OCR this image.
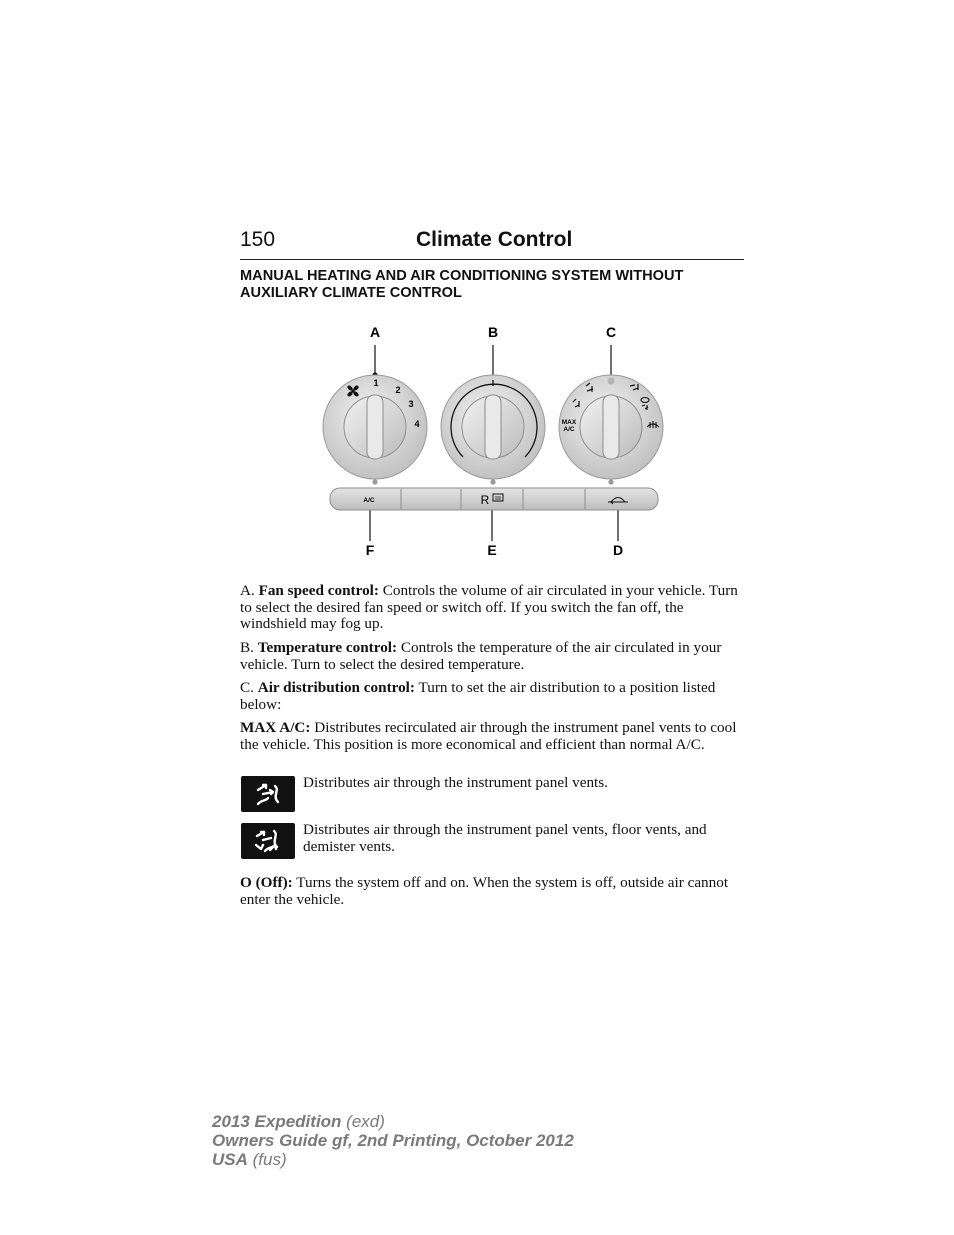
150	Climate Control
MANUAL HEATING AND AIR CONDITIONING SYSTEM WITHOUT AUXILIARY CLIMATE CONTROL
A	B	C
F	E	D
1
2
3
4	MAX
A/C
A/C	R

A. Fan speed control: Controls the volume of air circulated in your vehicle. Turn to select the desired fan speed or switch off. If you switch the fan off, the windshield may fog up.

B. Temperature control: Controls the temperature of the air circulated in your vehicle. Turn to select the desired temperature.

C. Air distribution control: Turn to set the air distribution to a position listed below:

MAX A/C: Distributes recirculated air through the instrument panel vents to cool the vehicle. This position is more economical and efficient than normal A/C.

Distributes air through the instrument panel vents.

Distributes air through the instrument panel vents, floor vents, and demister vents.

O (Off): Turns the system off and on. When the system is off, outside air cannot enter the vehicle.

2013 Expedition (exd)
Owners Guide gf, 2nd Printing, October 2012
USA (fus)
